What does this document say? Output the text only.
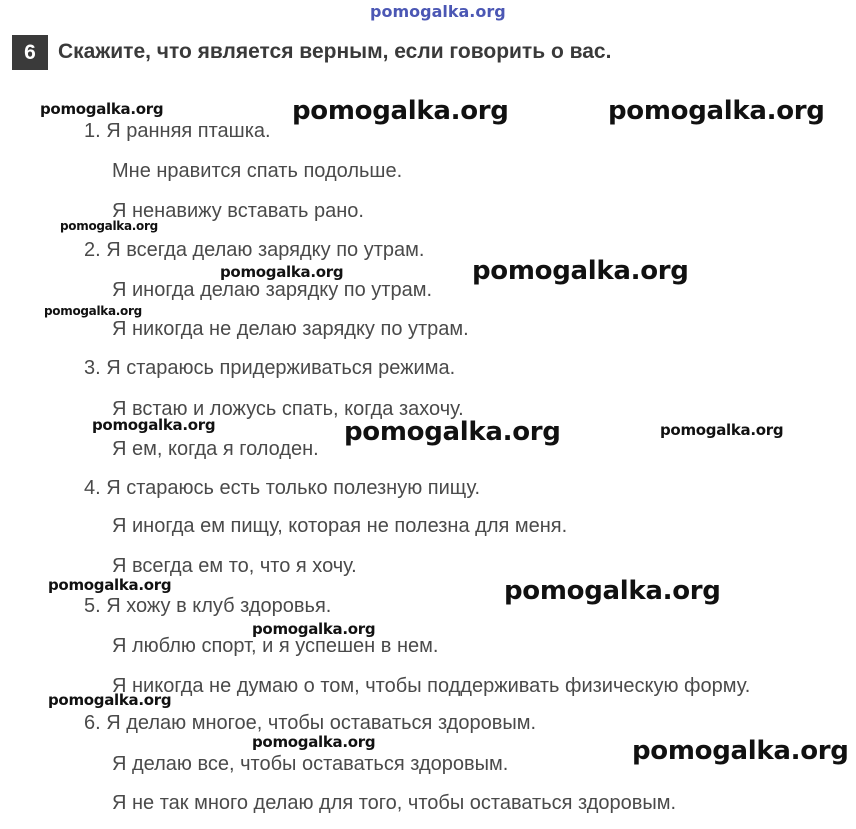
pomogalka.org
6	Скажите, что является верным, если говорить о вас.
1. Я ранняя пташка.
Мне нравится спать подольше.
Я ненавижу вставать рано.
2. Я всегда делаю зарядку по утрам.
Я иногда делаю зарядку по утрам.
Я никогда не делаю зарядку по утрам.
3. Я стараюсь придерживаться режима.
Я встаю и ложусь спать, когда захочу.
Я ем, когда я голоден.
4. Я стараюсь есть только полезную пищу.
Я иногда ем пищу, которая не полезна для меня.
Я всегда ем то, что я хочу.
5. Я хожу в клуб здоровья.
Я люблю спорт, и я успешен в нем.
Я никогда не думаю о том, чтобы поддерживать физическую форму.
6. Я делаю многое, чтобы оставаться здоровым.
Я делаю все, чтобы оставаться здоровым.
Я не так много делаю для того, чтобы оставаться здоровым.
pomogalka.org	pomogalka.org	pomogalka.org
pomogalka.org
pomogalka.org	pomogalka.org
pomogalka.org
pomogalka.org	pomogalka.org	pomogalka.org
pomogalka.org	pomogalka.org
pomogalka.org
pomogalka.org
pomogalka.org	pomogalka.org
